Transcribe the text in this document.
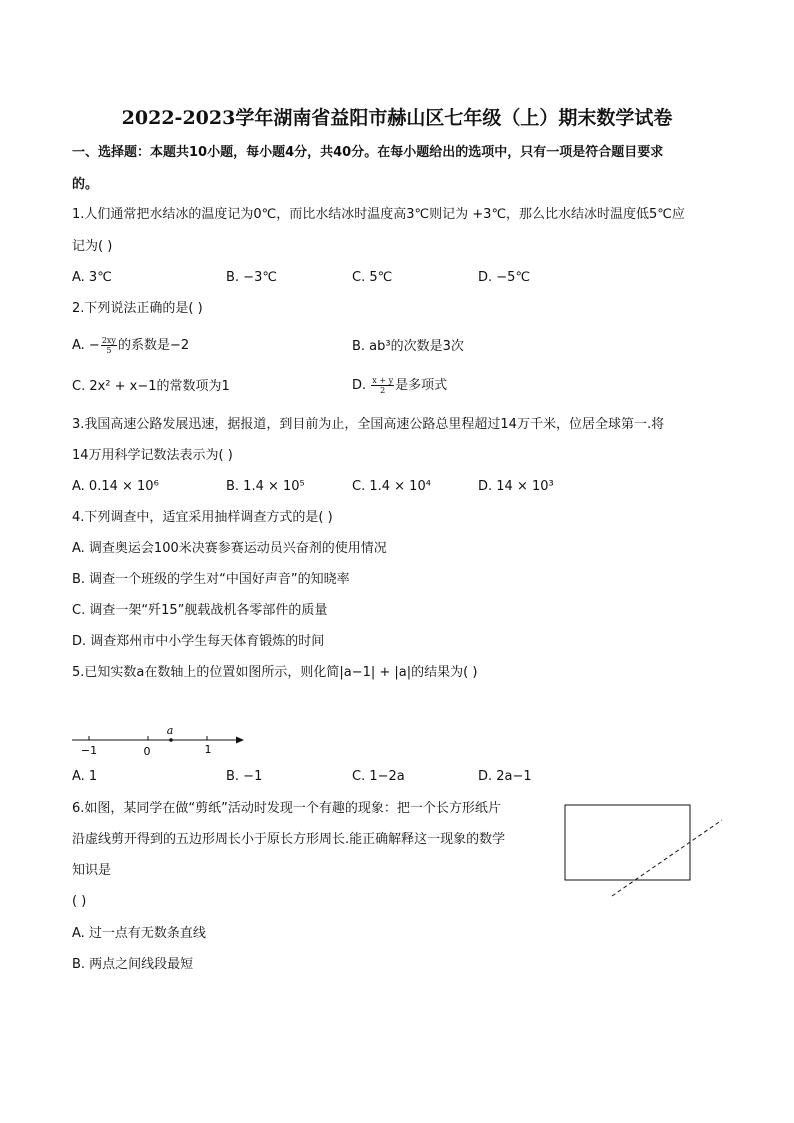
2022-2023学年湖南省益阳市赫山区七年级（上）期末数学试卷
一、选择题：本题共10小题，每小题4分，共40分。在每小题给出的选项中，只有一项是符合题目要求
的。
1.人们通常把水结冰的温度记为0℃，而比水结冰时温度高3℃则记为 +3℃，那么比水结冰时温度低5℃应
记为( )
A. 3℃	B. −3℃	C. 5℃	D. −5℃
2.下列说法正确的是( )
A. − $\frac{2xy}{5}$ 的系数是−2	B. ab³的次数是3次
C. 2x² + x−1的常数项为1	D. $\frac{x + y}{2}$ 是多项式
3.我国高速公路发展迅速，据报道，到目前为止，全国高速公路总里程超过14万千米，位居全球第一.将
14万用科学记数法表示为( )
A. 0.14 × 10⁶	B. 1.4 × 10⁵	C. 1.4 × 10⁴	D. 14 × 10³
4.下列调查中，适宜采用抽样调查方式的是( )
A. 调查奥运会100米决赛参赛运动员兴奋剂的使用情况
B. 调查一个班级的学生对“中国好声音”的知晓率
C. 调查一架“歼15”舰载战机各零部件的质量
D. 调查郑州市中小学生每天体育锻炼的时间
5.已知实数a在数轴上的位置如图所示，则化简|a−1| + |a|的结果为( )
a
−1	0	1
A. 1	B. −1	C. 1−2a	D. 2a−1
6.如图，某同学在做“剪纸”活动时发现一个有趣的现象：把一个长方形纸片
沿虚线剪开得到的五边形周长小于原长方形周长.能正确解释这一现象的数学
知识是
( )
A. 过一点有无数条直线
B. 两点之间线段最短
